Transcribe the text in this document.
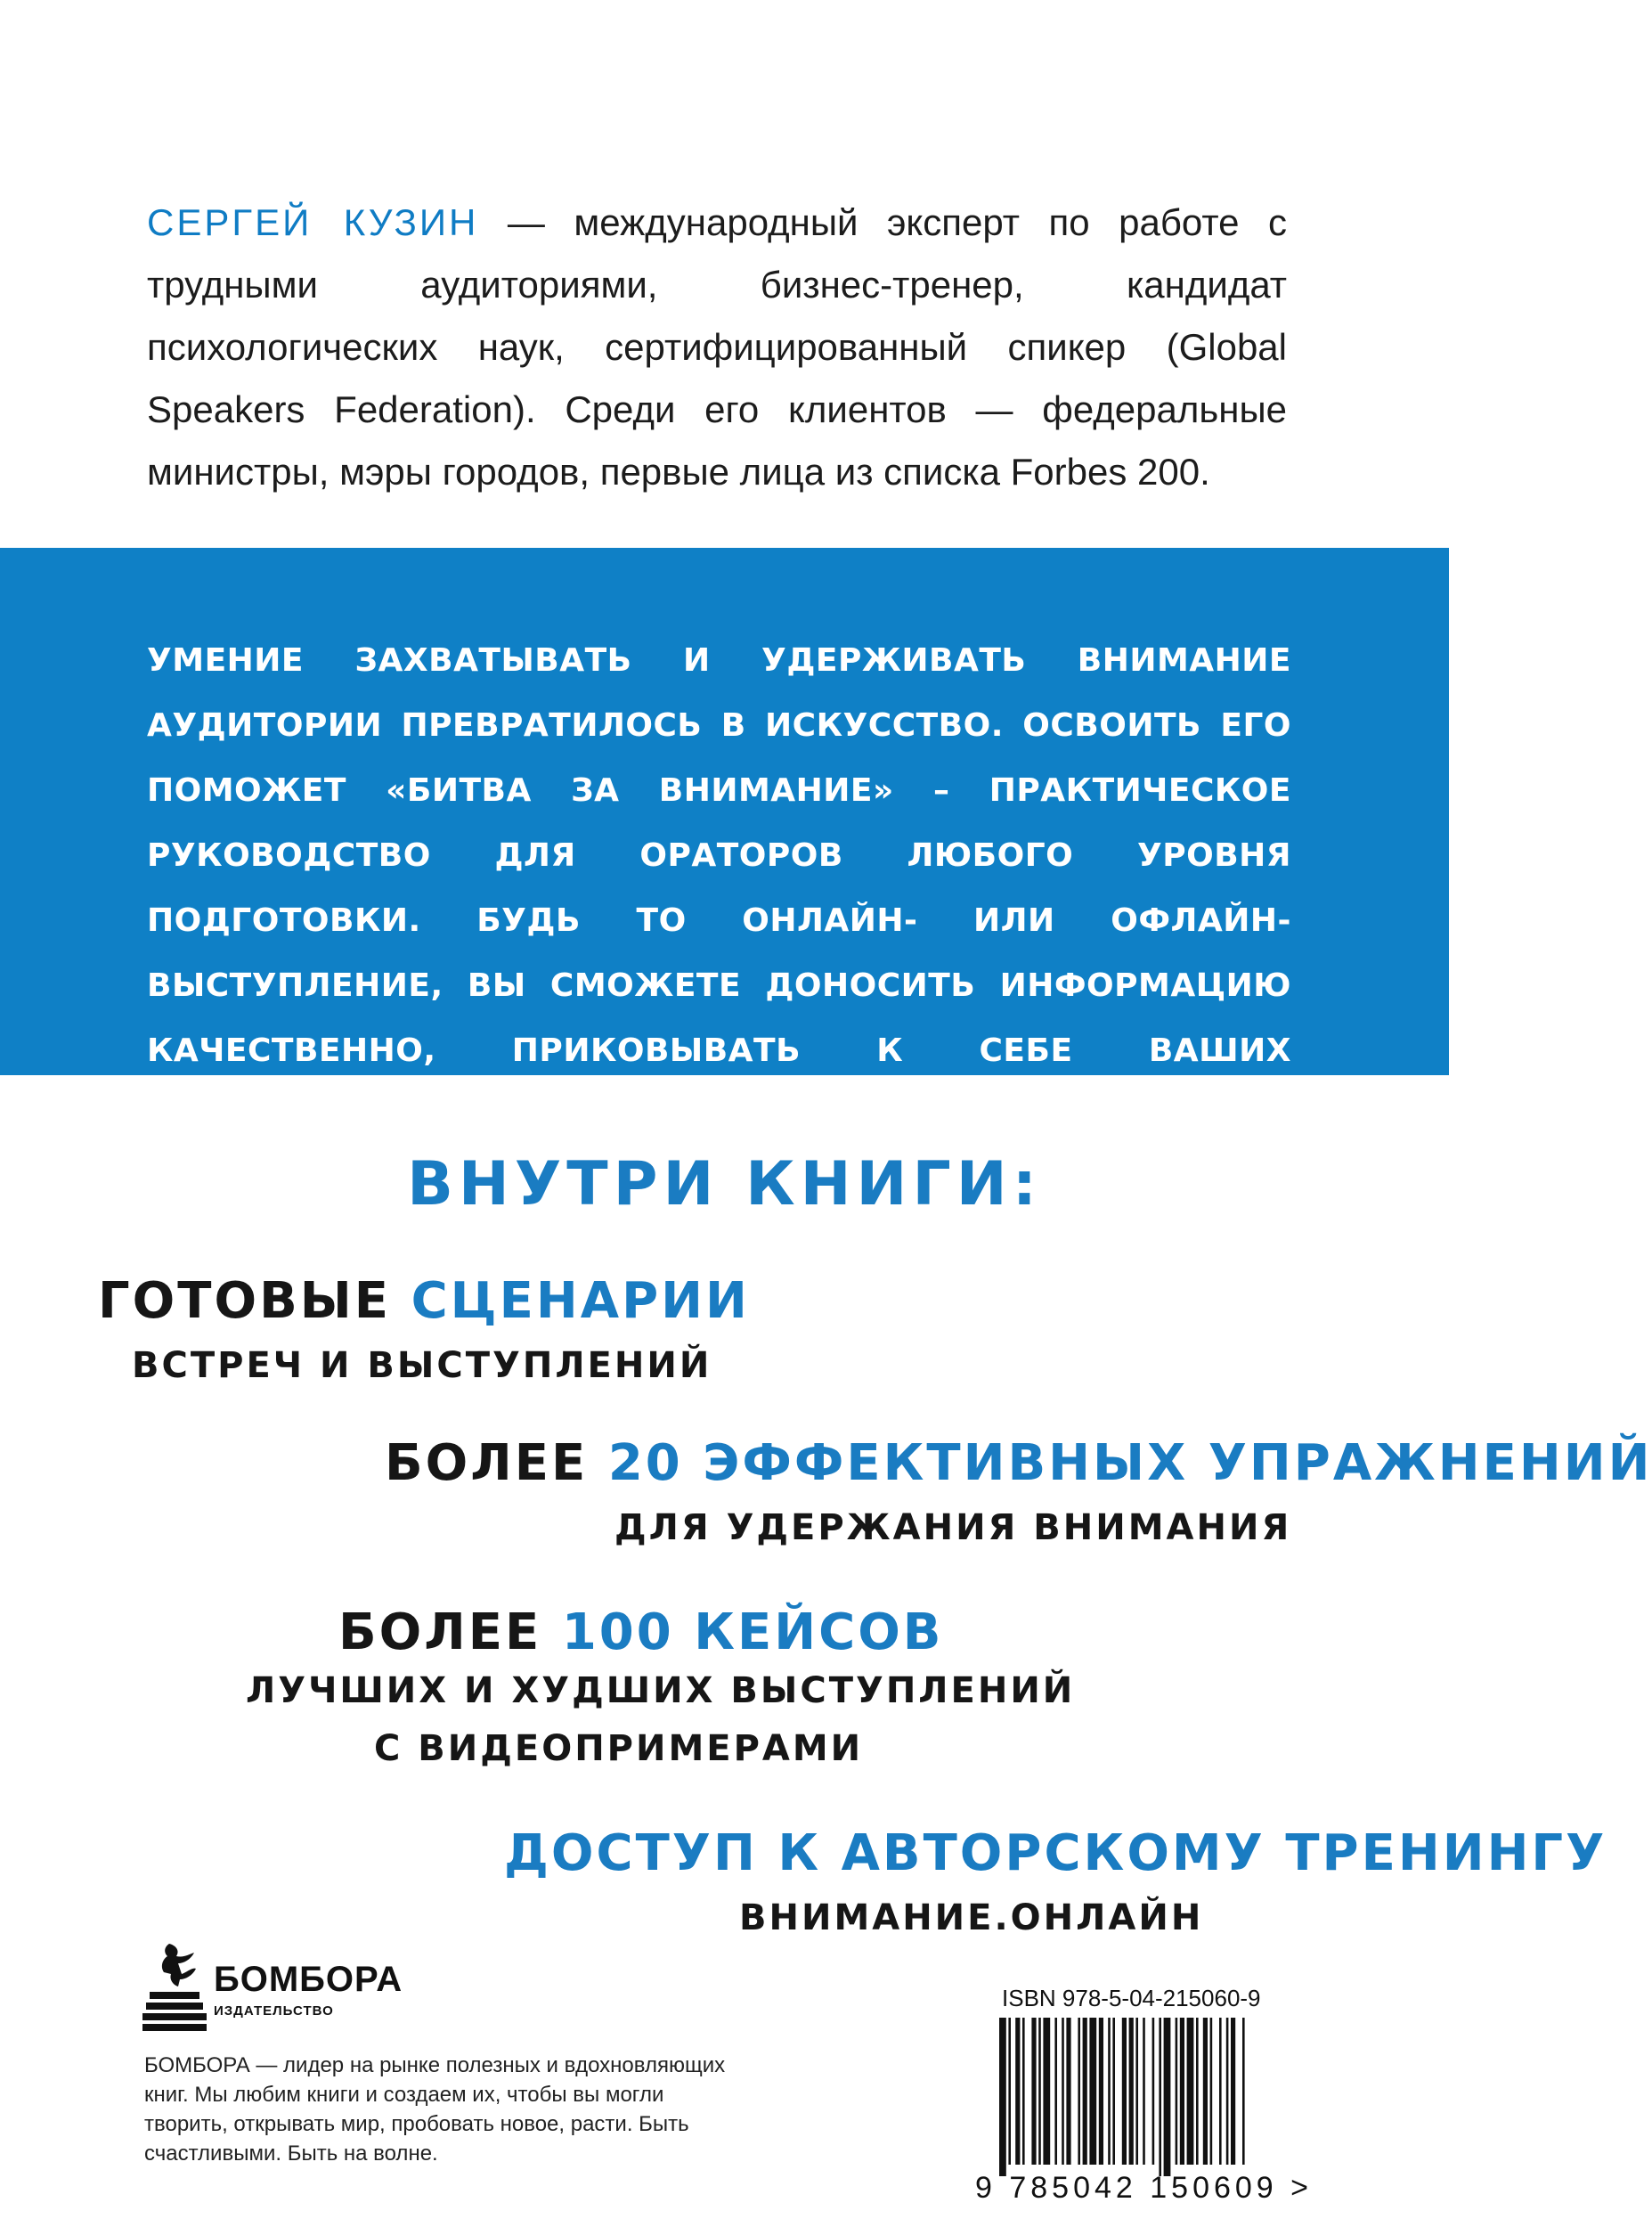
СЕРГЕЙ КУЗИН — международный эксперт по работе с трудными аудиториями, бизнес-тренер, кандидат психологических наук, сертифицированный спикер (Global Speakers Federation). Среди его клиентов — федеральные министры, мэры городов, первые лица из списка Forbes 200.
УМЕНИЕ ЗАХВАТЫВАТЬ И УДЕРЖИВАТЬ ВНИМАНИЕ АУДИТОРИИ ПРЕВРАТИЛОСЬ В ИСКУССТВО. ОСВОИТЬ ЕГО ПОМОЖЕТ «БИТВА ЗА ВНИМАНИЕ» – ПРАКТИЧЕСКОЕ РУКОВОДСТВО ДЛЯ ОРАТОРОВ ЛЮБОГО УРОВНЯ ПОДГОТОВКИ. БУДЬ ТО ОНЛАЙН- ИЛИ ОФЛАЙН-ВЫСТУПЛЕНИЕ, ВЫ СМОЖЕТЕ ДОНОСИТЬ ИНФОРМАЦИЮ КАЧЕСТВЕННО, ПРИКОВЫВАТЬ К СЕБЕ ВАШИХ СЛУШАТЕЛЕЙ И ДОБИВАТЬСЯ ЖЕЛАЕМОГО.
ВНУТРИ КНИГИ:
ГОТОВЫЕ СЦЕНАРИИ
ВСТРЕЧ И ВЫСТУПЛЕНИЙ
БОЛЕЕ 20 ЭФФЕКТИВНЫХ УПРАЖНЕНИЙ
ДЛЯ УДЕРЖАНИЯ ВНИМАНИЯ
БОЛЕЕ 100 КЕЙСОВ
ЛУЧШИХ И ХУДШИХ ВЫСТУПЛЕНИЙ
С ВИДЕОПРИМЕРАМИ
ДОСТУП К АВТОРСКОМУ ТРЕНИНГУ
ВНИМАНИЕ.ОНЛАЙН
БОМБОРА
ИЗДАТЕЛЬСТВО
БОМБОРА — лидер на рынке полезных и вдохновляющих книг. Мы любим книги и создаем их, чтобы вы могли творить, открывать мир, пробовать новое, расти. Быть счастливыми. Быть на волне.
ISBN 978-5-04-215060-9
9 785042 150609 >
